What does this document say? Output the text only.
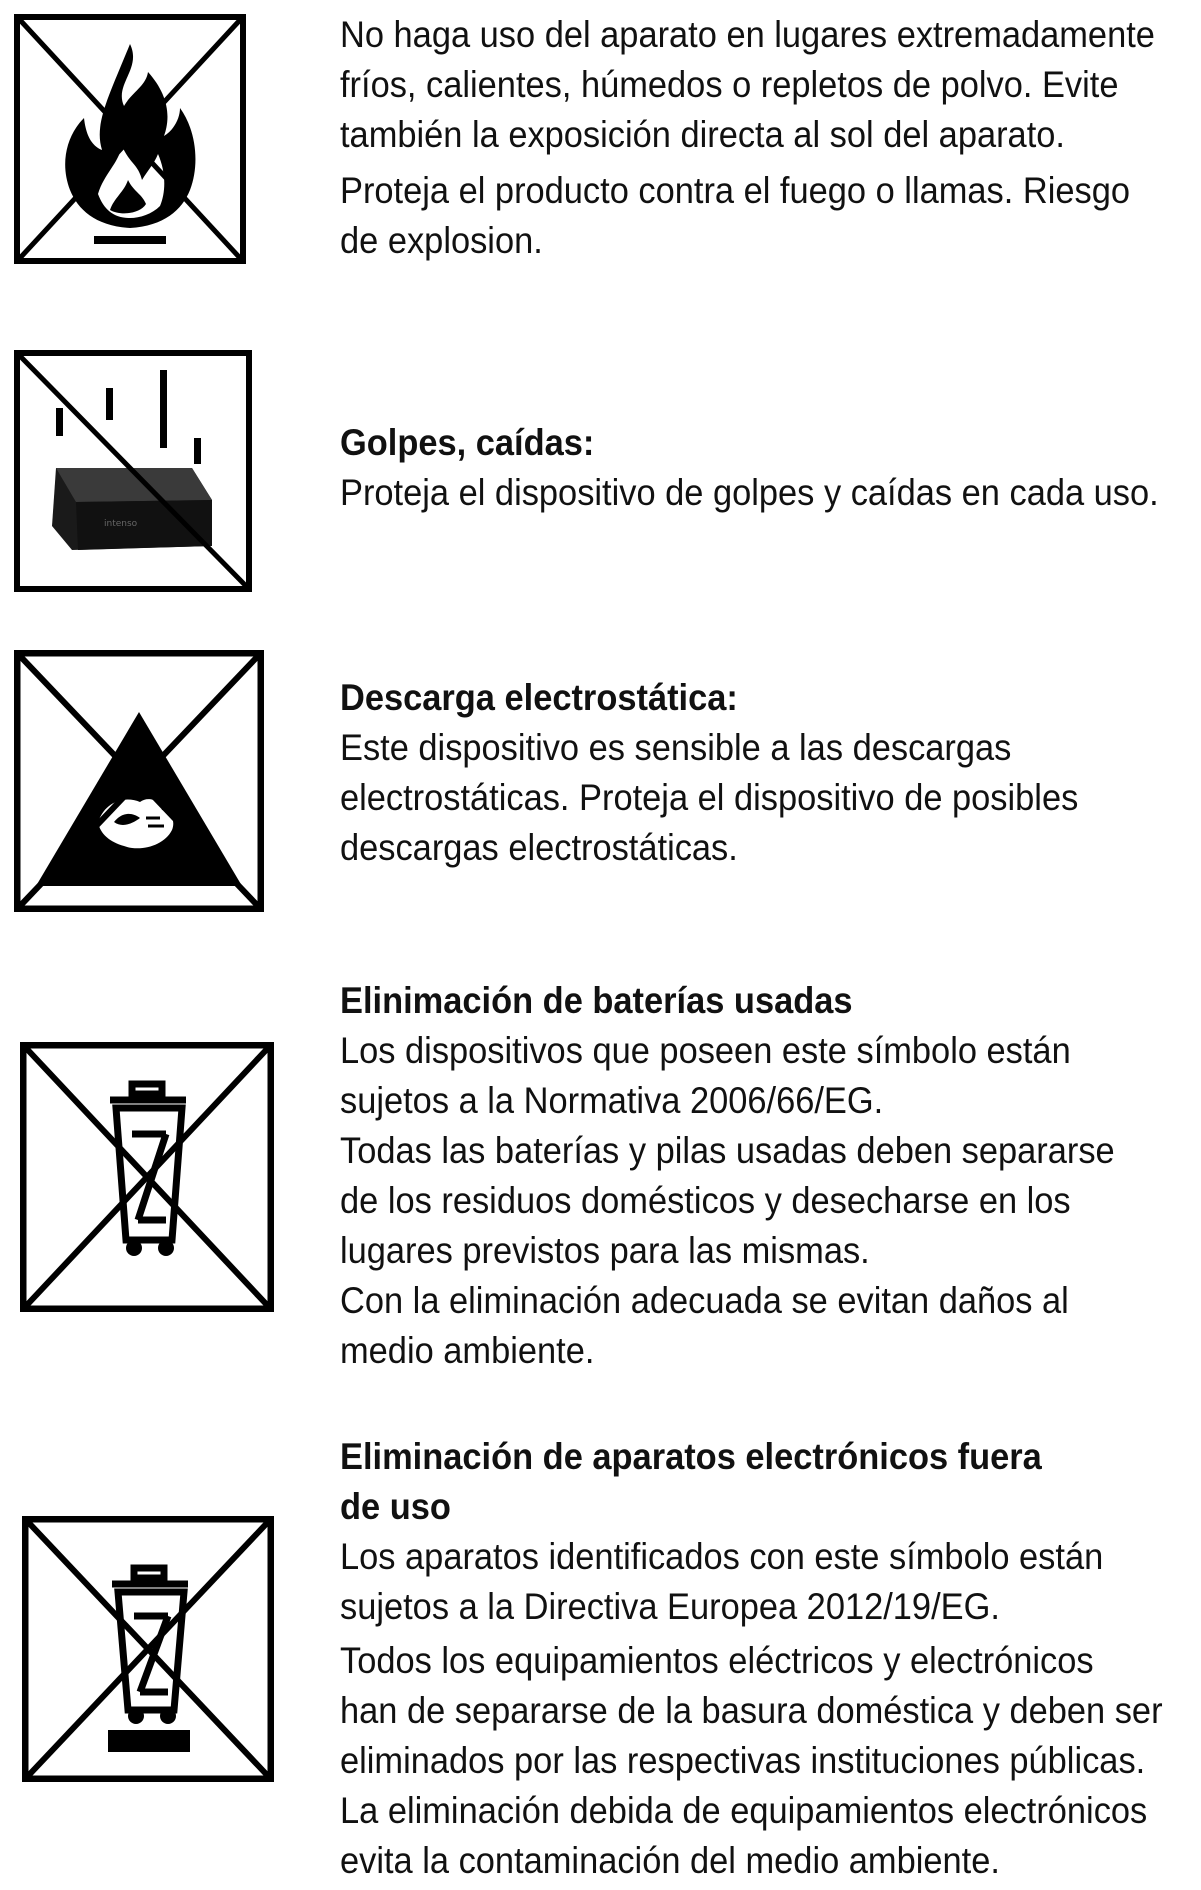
intenso
No haga uso del aparato en lugares extremadamente
fríos, calientes, húmedos o repletos de polvo. Evite
también la exposición directa al sol del aparato.
Proteja el producto contra el fuego o llamas. Riesgo
de explosion.
Golpes, caídas:
Proteja el dispositivo de golpes y caídas en cada uso.
Descarga electrostática:
Este dispositivo es sensible a las descargas
electrostáticas. Proteja el dispositivo de posibles
descargas electrostáticas.
Elinimación de baterías usadas
Los dispositivos que poseen este símbolo están
sujetos a la Normativa 2006/66/EG.
Todas las baterías y pilas usadas deben separarse
de los residuos domésticos y desecharse en los
lugares previstos para las mismas.
Con la eliminación adecuada se evitan daños al
medio ambiente.
Eliminación de aparatos electrónicos fuera
de uso
Los aparatos identificados con este símbolo están
sujetos a la Directiva Europea 2012/19/EG.
Todos los equipamientos eléctricos y electrónicos
han de separarse de la basura doméstica y deben ser
eliminados por las respectivas instituciones públicas.
La eliminación debida de equipamientos electrónicos
evita la contaminación del medio ambiente.
